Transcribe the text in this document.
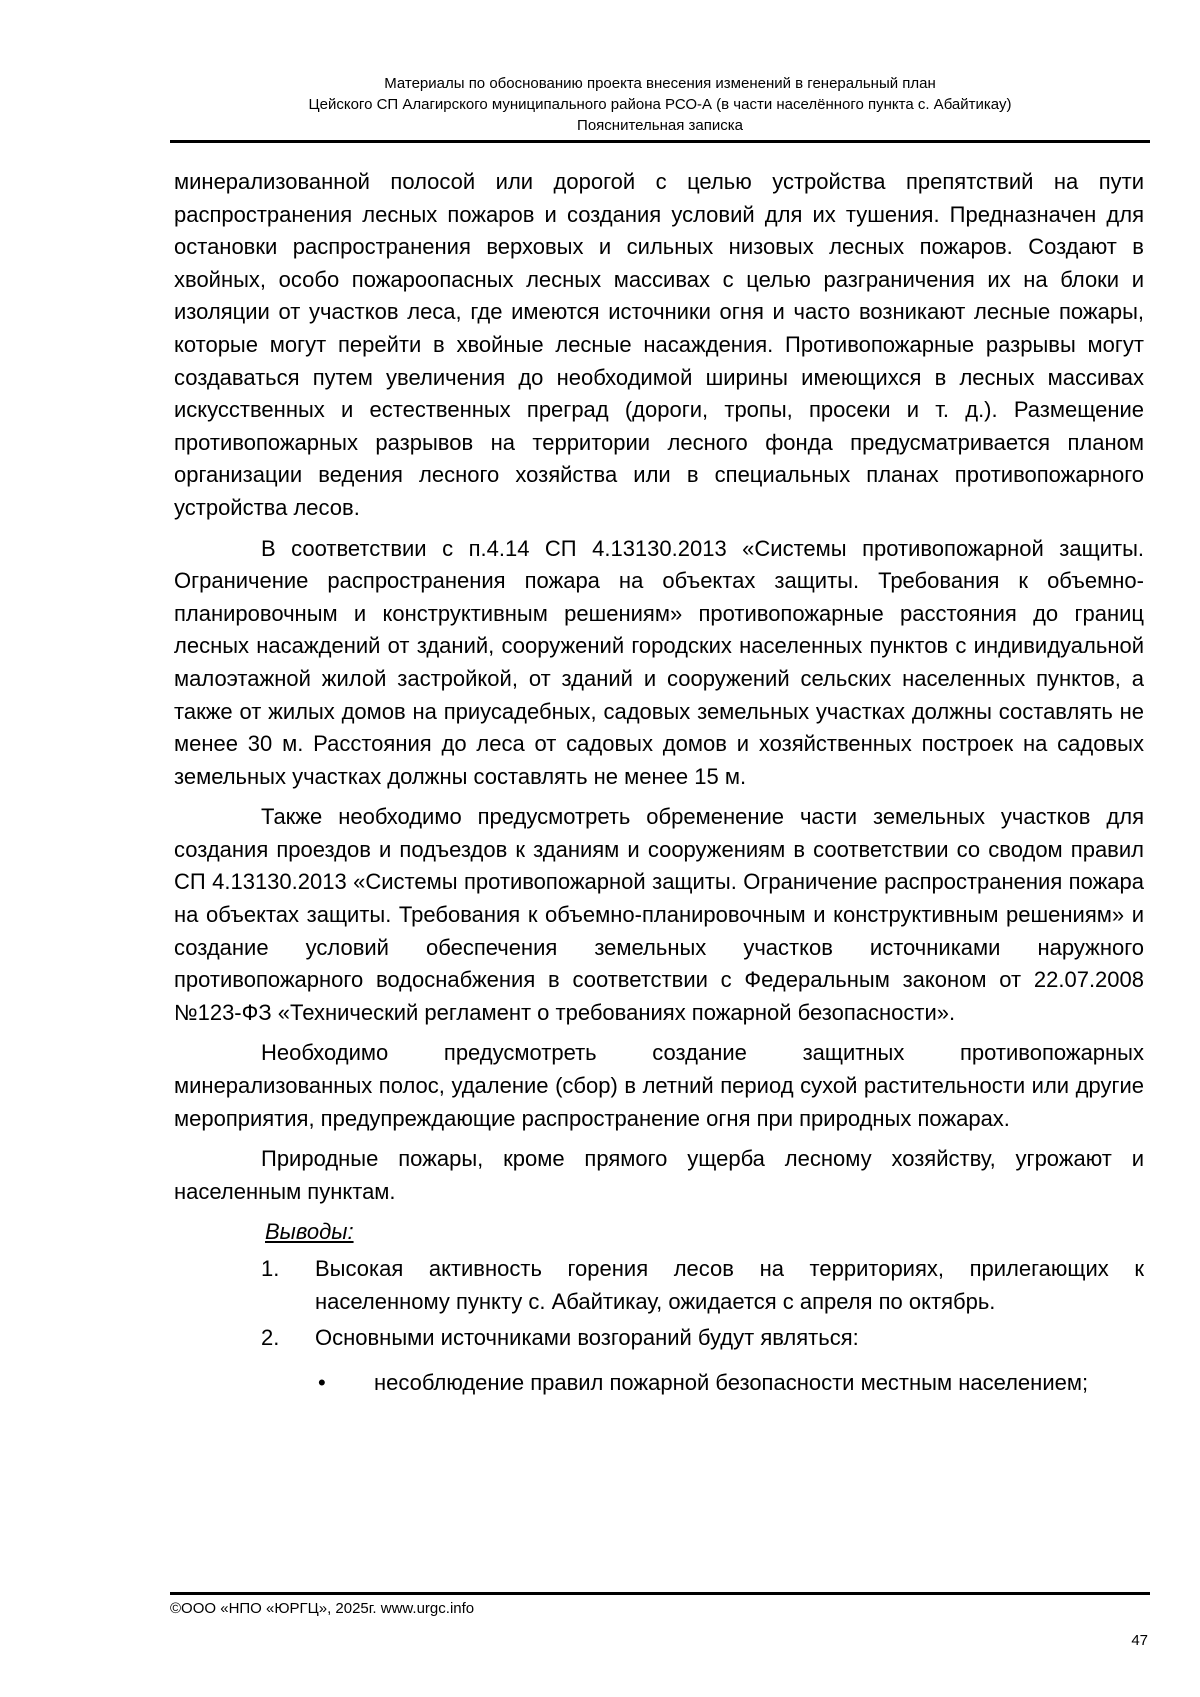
Материалы по обоснованию проекта внесения изменений в генеральный план
Цейского СП Алагирского муниципального района РСО-А (в части населённого пункта с. Абайтикау)
Пояснительная записка

минерализованной полосой или дорогой с целью устройства препятствий на пути распространения лесных пожаров и создания условий для их тушения. Предназначен для остановки распространения верховых и сильных низовых лесных пожаров. Создают в хвойных, особо пожароопасных лесных массивах с целью разграничения их на блоки и изоляции от участков леса, где имеются источники огня и часто возникают лесные пожары, которые могут перейти в хвойные лесные насаждения. Противопожарные разрывы могут создаваться путем увеличения до необходимой ширины имеющихся в лесных массивах искусственных и естественных преград (дороги, тропы, просеки и т. д.). Размещение противопожарных разрывов на территории лесного фонда предусматривается планом организации ведения лесного хозяйства или в специальных планах противопожарного устройства лесов.

В соответствии с п.4.14 СП 4.13130.2013 «Системы противопожарной защиты. Ограничение распространения пожара на объектах защиты. Требования к объемно-планировочным и конструктивным решениям» противопожарные расстояния до границ лесных насаждений от зданий, сооружений городских населенных пунктов с индивидуальной малоэтажной жилой застройкой, от зданий и сооружений сельских населенных пунктов, а также от жилых домов на приусадебных, садовых земельных участках должны составлять не менее 30 м. Расстояния до леса от садовых домов и хозяйственных построек на садовых земельных участках должны составлять не менее 15 м.

Также необходимо предусмотреть обременение части земельных участков для создания проездов и подъездов к зданиям и сооружениям в соответствии со сводом правил СП 4.13130.2013 «Системы противопожарной защиты. Ограничение распространения пожара на объектах защиты. Требования к объемно-планировочным и конструктивным решениям» и создание условий обеспечения земельных участков источниками наружного противопожарного водоснабжения в соответствии с Федеральным законом от 22.07.2008 №123-ФЗ «Технический регламент о требованиях пожарной безопасности».

Необходимо предусмотреть создание защитных противопожарных минерализованных полос, удаление (сбор) в летний период сухой растительности или другие мероприятия, предупреждающие распространение огня при природных пожарах.

Природные пожары, кроме прямого ущерба лесному хозяйству, угрожают и населенным пунктам.

Выводы:
1.	Высокая активность горения лесов на территориях, прилегающих к населенному пункту с. Абайтикау, ожидается с апреля по октябрь.
2.	Основными источниками возгораний будут являться:
•	несоблюдение правил пожарной безопасности местным населением;
©ООО «НПО «ЮРГЦ», 2025г. www.urgc.info
47
